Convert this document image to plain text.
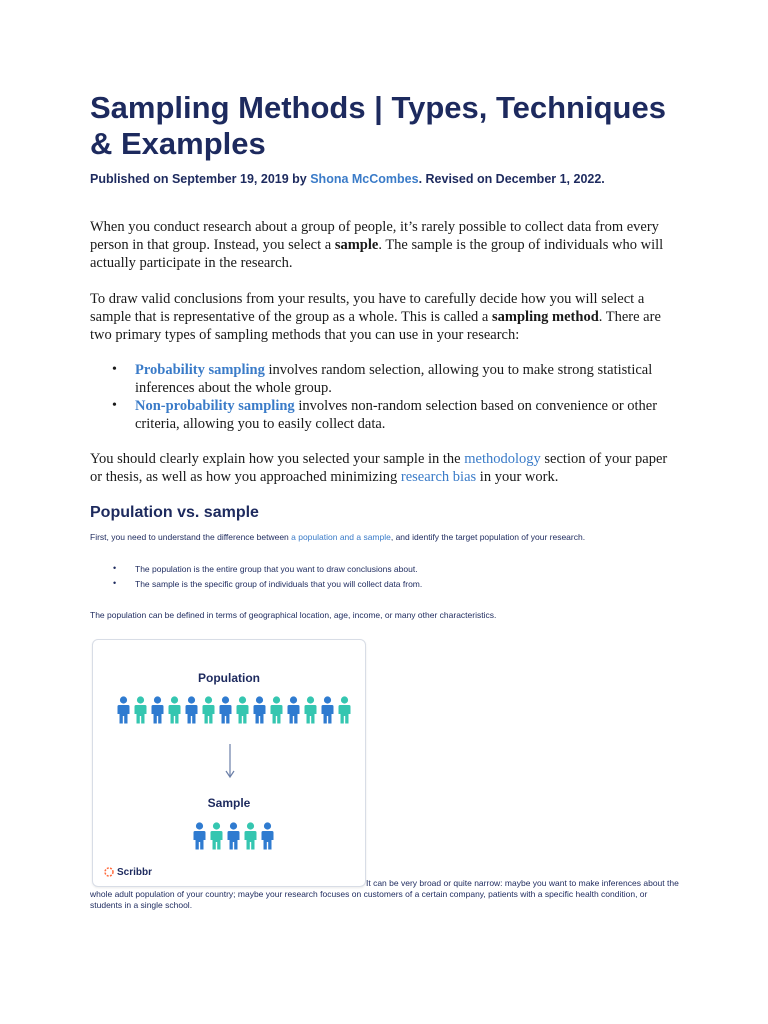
Sampling Methods | Types, Techniques & Examples

Published on September 19, 2019 by Shona McCombes. Revised on December 1, 2022.

When you conduct research about a group of people, it’s rarely possible to collect data from every person in that group. Instead, you select a sample. The sample is the group of individuals who will actually participate in the research.

To draw valid conclusions from your results, you have to carefully decide how you will select a sample that is representative of the group as a whole. This is called a sampling method. There are two primary types of sampling methods that you can use in your research:

• Probability sampling involves random selection, allowing you to make strong statistical inferences about the whole group.
• Non-probability sampling involves non-random selection based on convenience or other criteria, allowing you to easily collect data.

You should clearly explain how you selected your sample in the methodology section of your paper or thesis, as well as how you approached minimizing research bias in your work.

Population vs. sample

First, you need to understand the difference between a population and a sample, and identify the target population of your research.

• The population is the entire group that you want to draw conclusions about.
• The sample is the specific group of individuals that you will collect data from.

The population can be defined in terms of geographical location, age, income, or many other characteristics.

Population

Sample

Scribbr

It can be very broad or quite narrow: maybe you want to make inferences about the whole adult population of your country; maybe your research focuses on customers of a certain company, patients with a specific health condition, or students in a single school.
